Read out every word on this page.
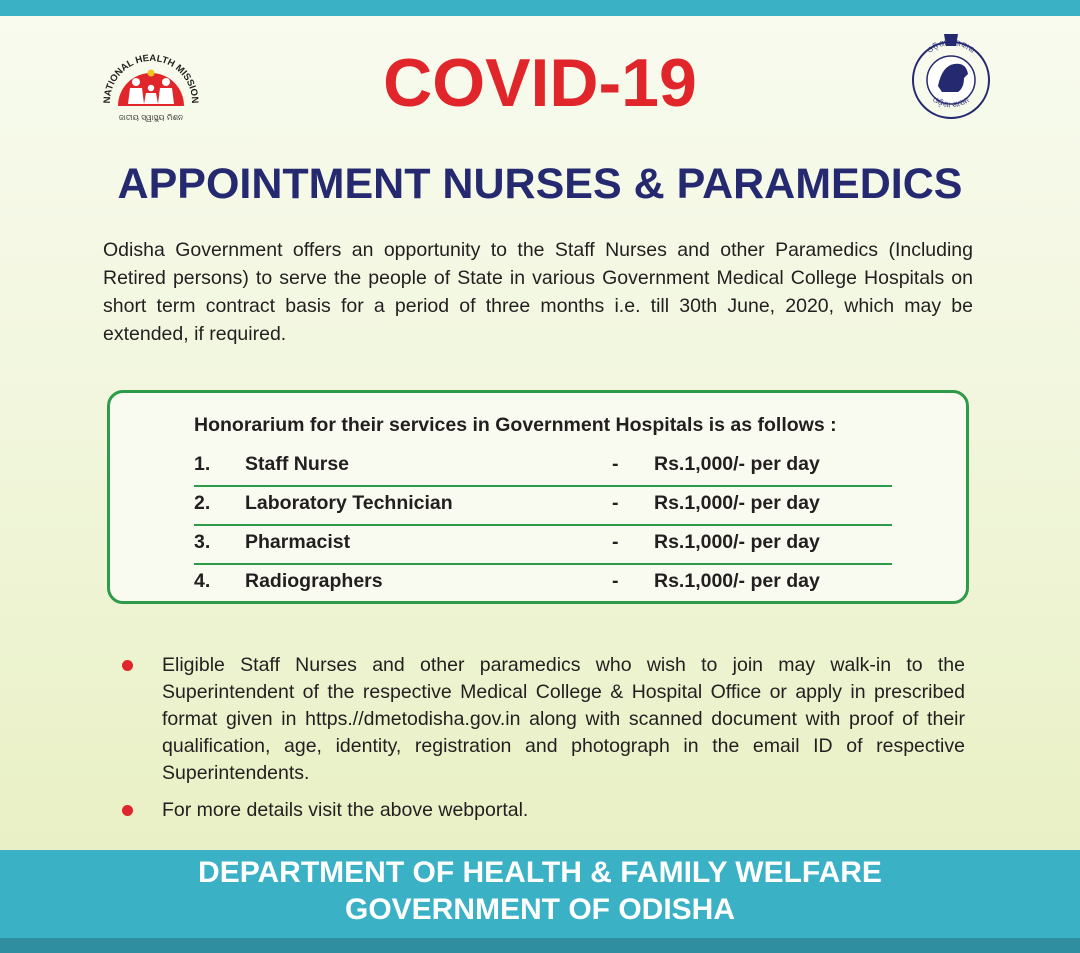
NATIONAL HEALTH MISSION
ଜାତୀୟ ସ୍ୱାସ୍ଥ୍ୟ ମିଶନ
ଓଡ଼ିଶା ସରକାର
ଓଡ଼ିଶା ଶାସନ
COVID-19
APPOINTMENT NURSES & PARAMEDICS
Odisha Government offers an opportunity to the Staff Nurses and other Paramedics (Including Retired persons) to serve the people of State in various Government Medical College Hospitals on short term contract basis for a period of three months i.e. till 30th June, 2020, which may be extended, if required.
Honorarium for their services in Government Hospitals is as follows :
1. Staff Nurse	- Rs.1,000/- per day
2. Laboratory Technician	- Rs.1,000/- per day
3. Pharmacist	- Rs.1,000/- per day
4. Radiographers	- Rs.1,000/- per day
Eligible Staff Nurses and other paramedics who wish to join may walk-in to the Superintendent of the respective Medical College & Hospital Office or apply in prescribed format given in https.//dmetodisha.gov.in along with scanned document with proof of their qualification, age, identity, registration and photograph in the email ID of respective Superintendents.
For more details visit the above webportal.
DEPARTMENT OF HEALTH & FAMILY WELFARE
GOVERNMENT OF ODISHA
